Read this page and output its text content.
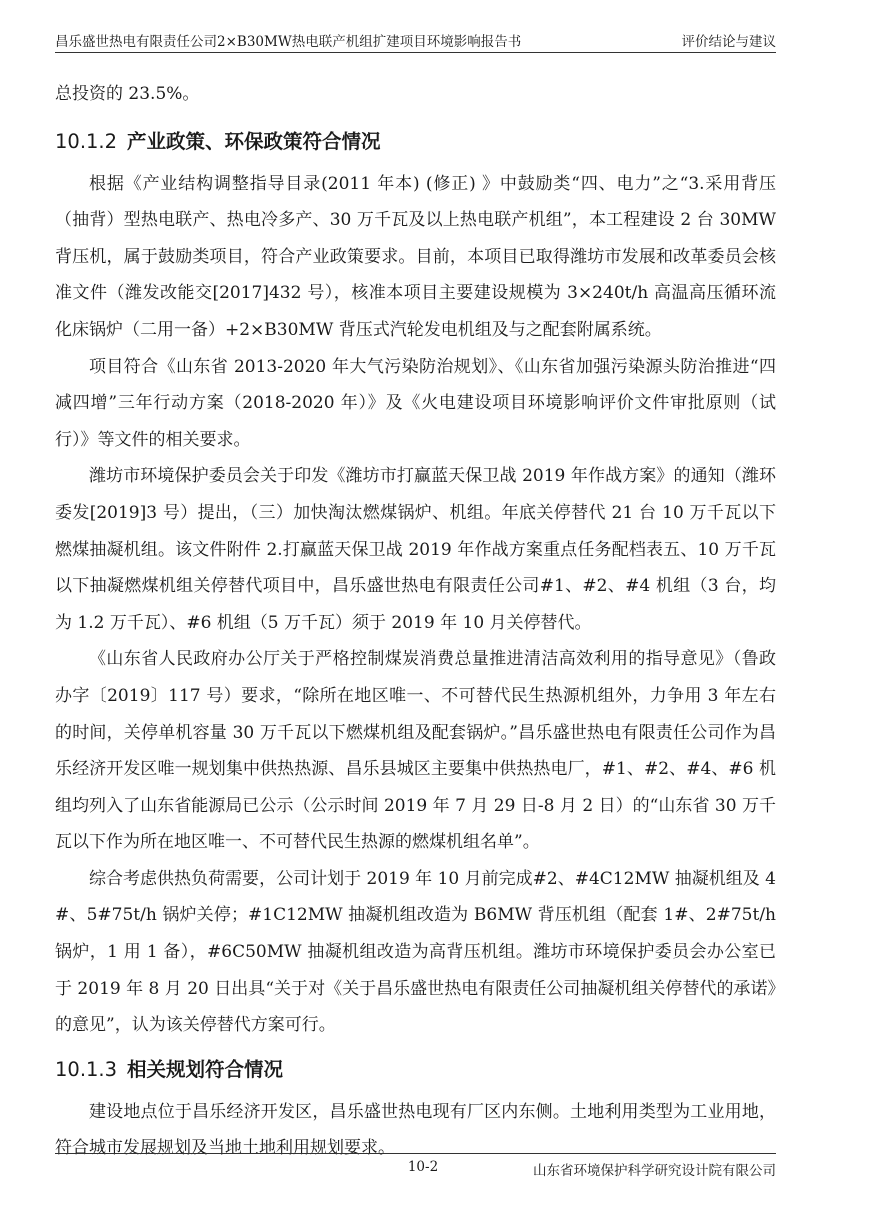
昌乐盛世热电有限责任公司2×B30MW热电联产机组扩建项目环境影响报告书	评价结论与建议

总投资的 23.5%。

10.1.2 产业政策、环保政策符合情况

根据《产业结构调整指导目录(2011 年本) (修正) 》中鼓励类“四、电力”之“3.采用背压（抽背）型热电联产、热电冷多产、30 万千瓦及以上热电联产机组”，本工程建设 2 台 30MW 背压机，属于鼓励类项目，符合产业政策要求。目前，本项目已取得潍坊市发展和改革委员会核准文件（潍发改能交[2017]432 号），核准本项目主要建设规模为 3×240t/h 高温高压循环流化床锅炉（二用一备）+2×B30MW 背压式汽轮发电机组及与之配套附属系统。

项目符合《山东省 2013-2020 年大气污染防治规划》、《山东省加强污染源头防治推进“四减四增”三年行动方案（2018-2020 年）》及《火电建设项目环境影响评价文件审批原则（试行）》等文件的相关要求。

潍坊市环境保护委员会关于印发《潍坊市打赢蓝天保卫战 2019 年作战方案》的通知（潍环委发[2019]3 号）提出，（三）加快淘汰燃煤锅炉、机组。年底关停替代 21 台 10 万千瓦以下燃煤抽凝机组。该文件附件 2.打赢蓝天保卫战 2019 年作战方案重点任务配档表五、10 万千瓦以下抽凝燃煤机组关停替代项目中，昌乐盛世热电有限责任公司#1、#2、#4 机组（3 台，均为 1.2 万千瓦）、#6 机组（5 万千瓦）须于 2019 年 10 月关停替代。

《山东省人民政府办公厅关于严格控制煤炭消费总量推进清洁高效利用的指导意见》（鲁政办字〔2019〕117 号）要求，“除所在地区唯一、不可替代民生热源机组外，力争用 3 年左右的时间，关停单机容量 30 万千瓦以下燃煤机组及配套锅炉。”昌乐盛世热电有限责任公司作为昌乐经济开发区唯一规划集中供热热源、昌乐县城区主要集中供热热电厂，#1、#2、#4、#6 机组均列入了山东省能源局已公示（公示时间 2019 年 7 月 29 日-8 月 2 日）的“山东省 30 万千瓦以下作为所在地区唯一、不可替代民生热源的燃煤机组名单”。

综合考虑供热负荷需要，公司计划于 2019 年 10 月前完成#2、#4C12MW 抽凝机组及 4#、5#75t/h 锅炉关停；#1C12MW 抽凝机组改造为 B6MW 背压机组（配套 1#、2#75t/h 锅炉，1 用 1 备），#6C50MW 抽凝机组改造为高背压机组。潍坊市环境保护委员会办公室已于 2019 年 8 月 20 日出具“关于对《关于昌乐盛世热电有限责任公司抽凝机组关停替代的承诺》的意见”，认为该关停替代方案可行。

10.1.3 相关规划符合情况

建设地点位于昌乐经济开发区，昌乐盛世热电现有厂区内东侧。土地利用类型为工业用地，符合城市发展规划及当地土地利用规划要求。

10-2	山东省环境保护科学研究设计院有限公司
